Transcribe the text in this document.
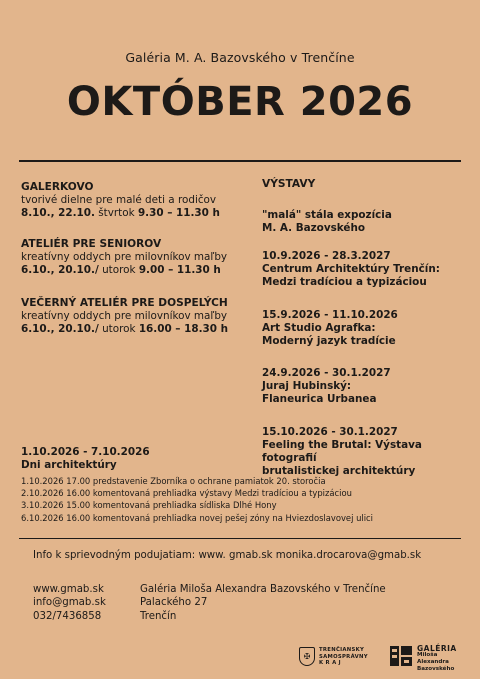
Galéria M. A. Bazovského v Trenčíne
OKTÓBER 2026
GALERKOVO
tvorivé dielne pre malé deti a rodičov
8.10., 22.10. štvrtok 9.30 – 11.30 h
ATELIÉR PRE SENIOROV
kreatívny oddych pre milovníkov maľby
6.10., 20.10./ utorok 9.00 – 11.30 h
VEČERNÝ ATELIÉR PRE DOSPELÝCH
kreatívny oddych pre milovníkov maľby
6.10., 20.10./ utorok 16.00 – 18.30 h
VÝSTAVY
"malá" stála expozícia
M. A. Bazovského
10.9.2026 - 28.3.2027
Centrum Architektúry Trenčín:
Medzi tradíciou a typizáciou
15.9.2026 - 11.10.2026
Art Studio Agrafka:
Moderný jazyk tradície
24.9.2026 - 30.1.2027
Juraj Hubinský:
Flaneurica Urbanea
15.10.2026 - 30.1.2027
Feeling the Brutal: Výstava fotografií
brutalistickej architektúry
1.10.2026 - 7.10.2026
Dni architektúry
1.10.2026 17.00 predstavenie Zborníka o ochrane pamiatok 20. storočia
2.10.2026 16.00 komentovaná prehliadka výstavy Medzi tradíciou a typizáciou
3.10.2026 15.00 komentovaná prehliadka sídliska Dlhé Hony
6.10.2026 16.00 komentovaná prehliadka novej pešej zóny na Hviezdoslavovej ulici
Info k sprievodným podujatiam: www. gmab.sk monika.drocarova@gmab.sk
www.gmab.sk
info@gmab.sk
032/7436858
Galéria Miloša Alexandra Bazovského v Trenčíne
Palackého 27
Trenčín
✠
TRENČIANSKY
SAMOSPRÁVNY
K R A J
GALÉRIA
Miloša Alexandra
Bazovského
